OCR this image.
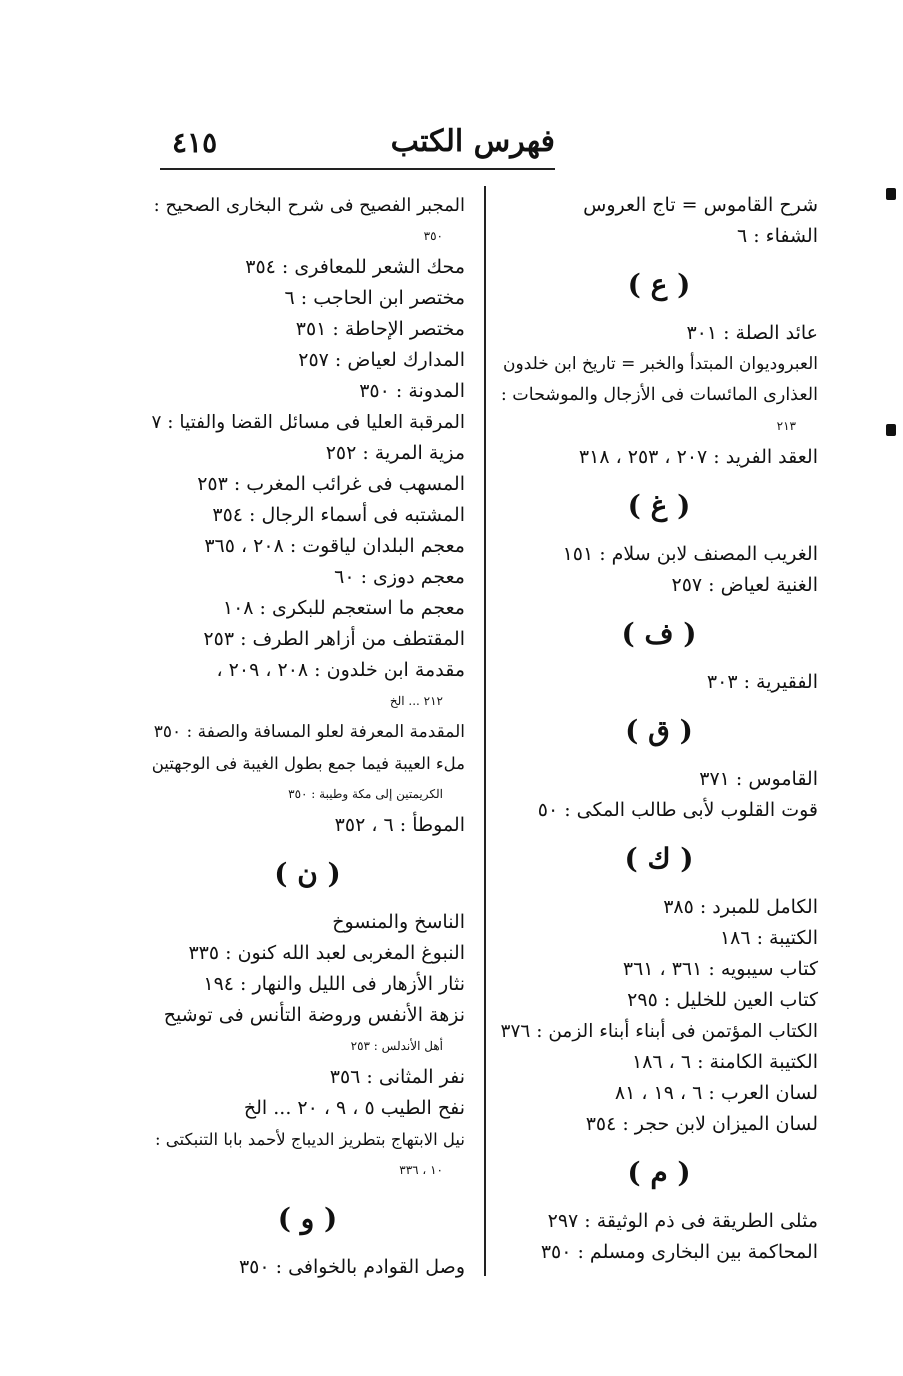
فهرس الكتب
٤١٥
شرح القاموس = تاج العروس
الشفاء : ٦
( ع )
عائد الصلة : ٣٠١
العبروديوان المبتدأ والخبر = تاريخ ابن خلدون
العذارى المائسات فى الأزجال والموشحات :
٢١٣
العقد الفريد : ٢٠٧ ، ٢٥٣ ، ٣١٨
( غ )
الغريب المصنف لابن سلام : ١٥١
الغنية لعياض : ٢٥٧
( ف )
الفقيرية : ٣٠٣
( ق )
القاموس : ٣٧١
قوت القلوب لأبى طالب المكى : ٥٠
( ك )
الكامل للمبرد : ٣٨٥
الكتيبة : ١٨٦
كتاب سيبويه : ٣٦١ ، ٣٦١
كتاب العين للخليل : ٢٩٥
الكتاب المؤتمن فى أبناء أبناء الزمن : ٣٧٦
الكتيبة الكامنة : ٦ ، ١٨٦
لسان العرب : ٦ ، ١٩ ، ٨١
لسان الميزان لابن حجر : ٣٥٤
( م )
مثلى الطريقة فى ذم الوثيقة : ٢٩٧
المحاكمة بين البخارى ومسلم : ٣٥٠
المجبر الفصيح فى شرح البخارى الصحيح :
٣٥٠
محك الشعر للمعافرى : ٣٥٤
مختصر ابن الحاجب : ٦
مختصر الإحاطة : ٣٥١
المدارك لعياض : ٢٥٧
المدونة : ٣٥٠
المرقبة العليا فى مسائل القضا والفتيا : ٧
مزية المرية : ٢٥٢
المسهب فى غرائب المغرب : ٢٥٣
المشتبه فى أسماء الرجال : ٣٥٤
معجم البلدان لياقوت : ٢٠٨ ، ٣٦٥
معجم دوزى : ٦٠
معجم ما استعجم للبكرى : ١٠٨
المقتطف من أزاهر الطرف : ٢٥٣
مقدمة ابن خلدون : ٢٠٨ ، ٢٠٩ ،
٢١٢ ... الخ
المقدمة المعرفة لعلو المسافة والصفة : ٣٥٠
ملء العيبة فيما جمع بطول الغيبة فى الوجهتين
الكريمتين إلى مكة وطيبة : ٣٥٠
الموطأ : ٦ ، ٣٥٢
( ن )
الناسخ والمنسوخ
النبوغ المغربى لعبد الله كنون : ٣٣٥
نثار الأزهار فى الليل والنهار : ١٩٤
نزهة الأنفس وروضة التأنس فى توشيح
أهل الأندلس : ٢٥٣
نفر المثانى : ٣٥٦
نفح الطيب ٥ ، ٩ ، ٢٠ ... الخ
نيل الابتهاج بتطريز الديباج لأحمد بابا التنبكتى :
١٠ ، ٣٣٦
( و )
وصل القوادم بالخوافى : ٣٥٠
